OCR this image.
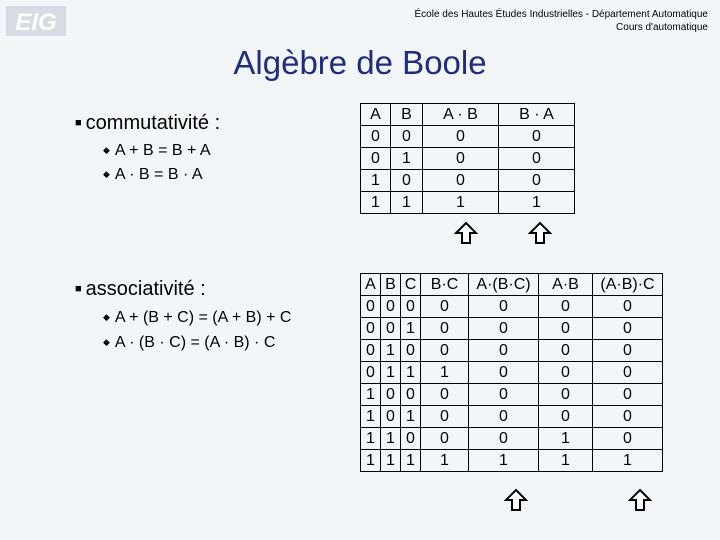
EIG	École des Hautes Études Industrielles - Département Automatique
Cours d'automatique
Algèbre de Boole
■ commutativité :
◆ A + B = B + A
◆ A · B = B · A
■ associativité :
◆ A + (B + C) = (A + B) + C
◆ A · (B · C) = (A · B) · C
A	B	A · B	B · A
0	0	0	0
0	1	0	0
1	0	0	0
1	1	1	1
A	B	C	B·C	A·(B·C)	A·B	(A·B)·C
0	0	0	0	0	0	0
0	0	1	0	0	0	0
0	1	0	0	0	0	0
0	1	1	1	0	0	0
1	0	0	0	0	0	0
1	0	1	0	0	0	0
1	1	0	0	0	1	0
1	1	1	1	1	1	1
